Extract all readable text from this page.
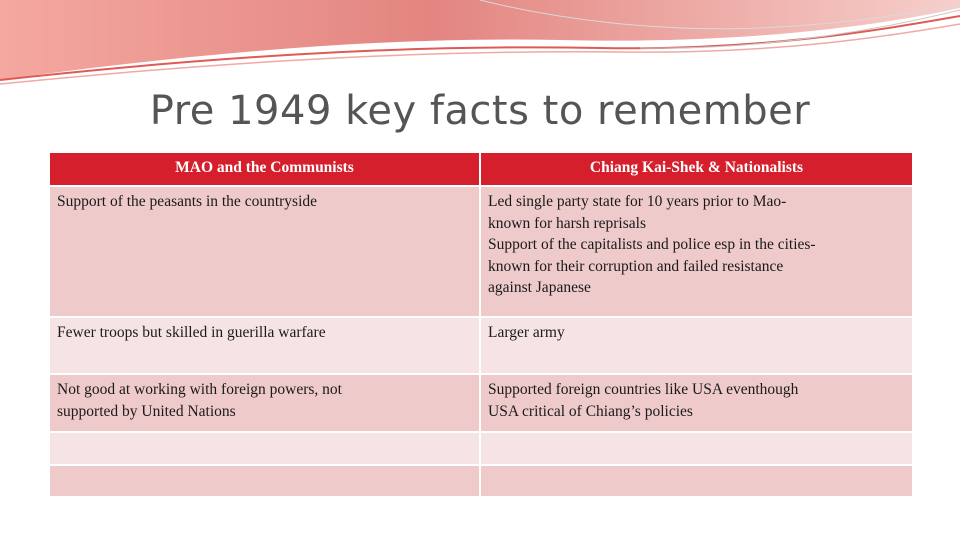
Pre 1949 key facts to remember
MAO and the Communists	Chiang Kai-Shek & Nationalists

Support of the peasants in the countryside	Led single party state for 10 years prior to Mao-
known for harsh reprisals
Support of the capitalists and police esp in the cities-
known for their corruption and failed resistance
against Japanese

Fewer troops but skilled in guerilla warfare	Larger army

Not good at working with foreign powers, not
supported by United Nations	Supported foreign countries like USA eventhough
USA critical of Chiang’s policies
